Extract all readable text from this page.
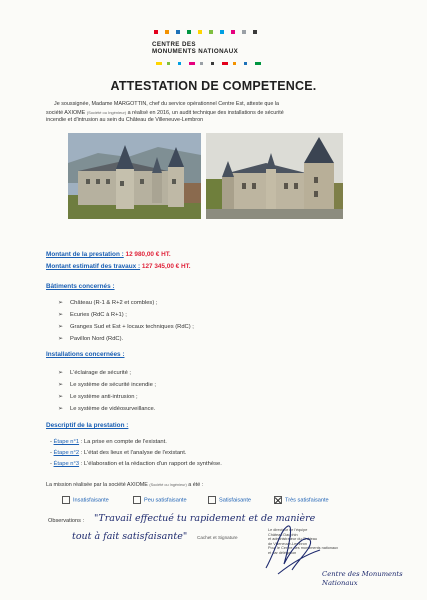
CENTRE DES
MONUMENTS NATIONAUX
ATTESTATION DE COMPETENCE.
Je soussignée, Madame MARGOTTIN, chef du service opérationnel Centre Est, atteste que la
société AXIOME (Société ou Ingénieur) a réalisé en 2016, un audit technique des installations de sécurité
incendie et d'intrusion au sein du Château de Villeneuve-Lembron
Montant de la prestation : 12 980,00 € HT.
Montant estimatif des travaux : 127 345,00 € HT.
Bâtiments concernés :
➢ Château (R-1 & R+2 et combles) ;
➢ Ecuries (RdC à R+1) ;
➢ Granges Sud et Est + locaux techniques (RdC) ;
➢ Pavillon Nord (RdC).
Installations concernées :
➢ L'éclairage de sécurité ;
➢ Le système de sécurité incendie ;
➢ Le système anti-intrusion ;
➢ Le système de vidéosurveillance.
Descriptif de la prestation :
- Étape n°1 : La prise en compte de l'existant.
- Étape n°2 : L'état des lieux et l'analyse de l'existant.
- Étape n°3 : L'élaboration et la rédaction d'un rapport de synthèse.
La mission réalisée par la société AXIOME (Société ou Ingénieur) a été :
Insatisfaisante	Peu satisfaisante	Satisfaisante	Très satisfaisante
Observations : "Travail effectué tu rapidement et de manière
tout à fait satisfaisante" Cachet et Signature
Le directeur de l'équipe
Château Dauphin
et administrateur du Château
de Villeneuve-Lembron
Pour le Centre des monuments nationaux
et par délégation
Centre des Monuments Nationaux
